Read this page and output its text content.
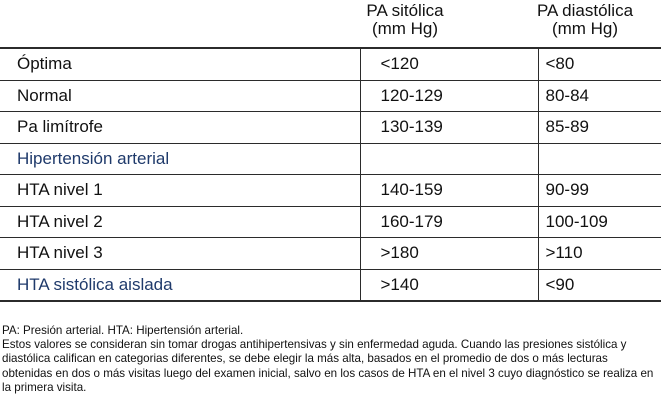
PA sitólica
(mm Hg)
PA diastólica
(mm Hg)
Óptima	<120	<80
Normal	120-129	80-84
Pa limítrofe	130-139	85-89
Hipertensión arterial		
HTA nivel 1	140-159	90-99
HTA nivel 2	160-179	100-109
HTA nivel 3	>180	>110
HTA sistólica aislada	>140	<90

PA: Presión arterial. HTA: Hipertensión arterial.

Estos valores se consideran sin tomar drogas antihipertensivas y sin enfermedad aguda. Cuando las presiones sistólica y diastólica califican en categorias diferentes, se debe elegir la más alta, basados en el promedio de dos o más lecturas obtenidas en dos o más visitas luego del examen inicial, salvo en los casos de HTA en el nivel 3 cuyo diagnóstico se realiza en la primera visita.
